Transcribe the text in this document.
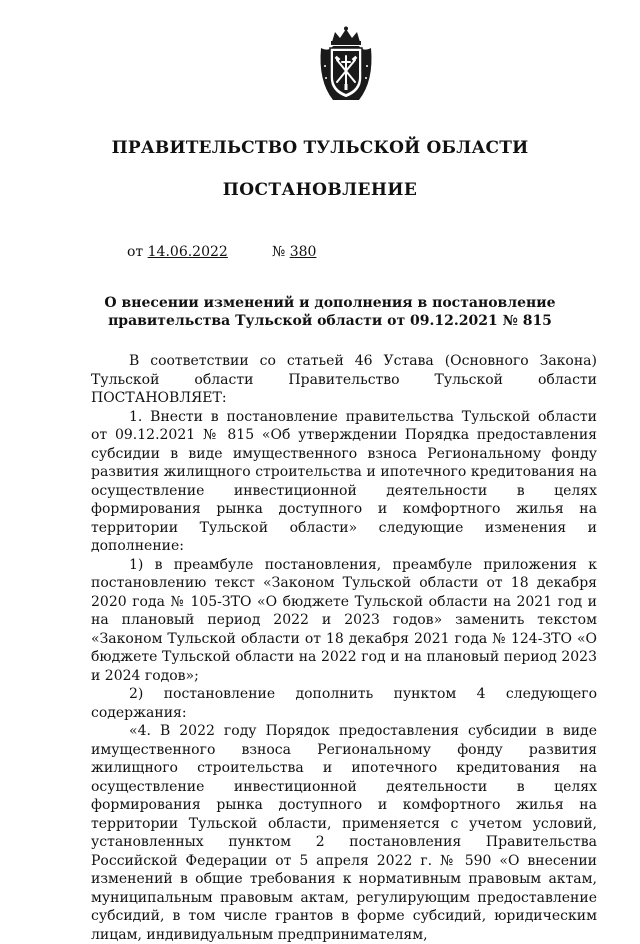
ПРАВИТЕЛЬСТВО ТУЛЬСКОЙ ОБЛАСТИ
ПОСТАНОВЛЕНИЕ
от 14.06.2022	№ 380
О внесении изменений и дополнения в постановление правительства Тульской области от 09.12.2021 № 815

В соответствии со статьей 46 Устава (Основного Закона) Тульской области Правительство Тульской области ПОСТАНОВЛЯЕТ:

1. Внести в постановление правительства Тульской области от 09.12.2021 № 815 «Об утверждении Порядка предоставления субсидии в виде имущественного взноса Региональному фонду развития жилищного строительства и ипотечного кредитования на осуществление инвестиционной деятельности в целях формирования рынка доступного и комфортного жилья на территории Тульской области» следующие изменения и дополнение:

1) в преамбуле постановления, преамбуле приложения к постановлению текст «Законом Тульской области от 18 декабря 2020 года № 105-ЗТО «О бюджете Тульской области на 2021 год и на плановый период 2022 и 2023 годов» заменить текстом «Законом Тульской области от 18 декабря 2021 года № 124-ЗТО «О бюджете Тульской области на 2022 год и на плановый период 2023 и 2024 годов»;

2) постановление дополнить пунктом 4 следующего содержания:

«4. В 2022 году Порядок предоставления субсидии в виде имущественного взноса Региональному фонду развития жилищного строительства и ипотечного кредитования на осуществление инвестиционной деятельности в целях формирования рынка доступного и комфортного жилья на территории Тульской области, применяется с учетом условий, установленных пунктом 2 постановления Правительства Российской Федерации от 5 апреля 2022 г. № 590 «О внесении изменений в общие требования к нормативным правовым актам, муниципальным правовым актам, регулирующим предоставление субсидий, в том числе грантов в форме субсидий, юридическим лицам, индивидуальным предпринимателям,
